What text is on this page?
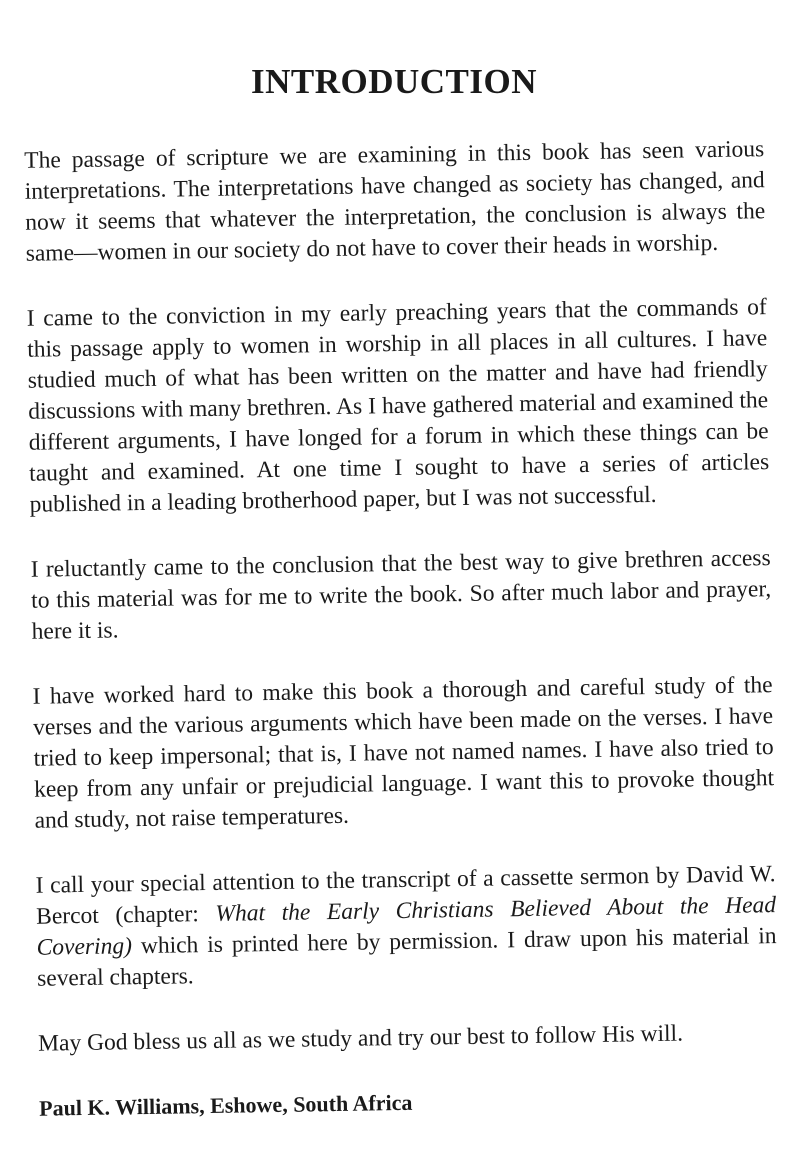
INTRODUCTION

The passage of scripture we are examining in this book has seen various interpretations. The interpretations have changed as society has changed, and now it seems that whatever the interpretation, the conclusion is always the same—women in our society do not have to cover their heads in worship.

I came to the conviction in my early preaching years that the commands of this passage apply to women in worship in all places in all cultures. I have studied much of what has been written on the matter and have had friendly discussions with many brethren. As I have gathered material and examined the different arguments, I have longed for a forum in which these things can be taught and examined. At one time I sought to have a series of articles published in a leading brotherhood paper, but I was not successful.

I reluctantly came to the conclusion that the best way to give brethren access to this material was for me to write the book. So after much labor and prayer, here it is.

I have worked hard to make this book a thorough and careful study of the verses and the various arguments which have been made on the verses. I have tried to keep impersonal; that is, I have not named names. I have also tried to keep from any unfair or prejudicial language. I want this to provoke thought and study, not raise temperatures.

I call your special attention to the transcript of a cassette sermon by David W. Bercot (chapter: What the Early Christians Believed About the Head Covering) which is printed here by permission. I draw upon his material in several chapters.

May God bless us all as we study and try our best to follow His will.

Paul K. Williams, Eshowe, South Africa
